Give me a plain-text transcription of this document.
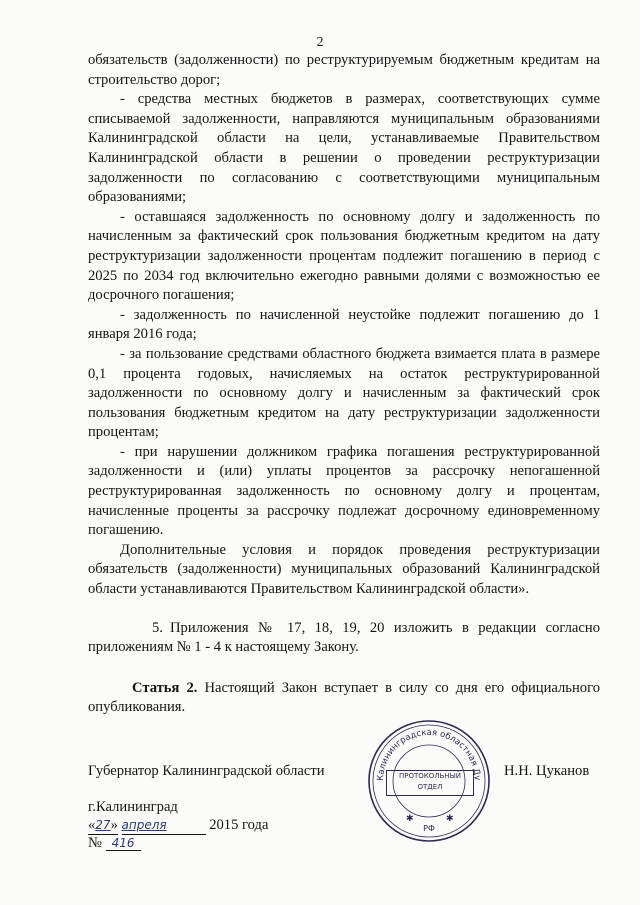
2

обязательств (задолженности) по реструктурируемым бюджетным кредитам на строительство дорог;

- средства местных бюджетов в размерах, соответствующих сумме списываемой задолженности, направляются муниципальным образованиями Калининградской области на цели, устанавливаемые Правительством Калининградской области в решении о проведении реструктуризации задолженности по согласованию с соответствующими муниципальным образованиями;

- оставшаяся задолженность по основному долгу и задолженность по начисленным за фактический срок пользования бюджетным кредитом на дату реструктуризации задолженности процентам подлежит погашению в период с 2025 по 2034 год включительно ежегодно равными долями с возможностью ее досрочного погашения;

- задолженность по начисленной неустойке подлежит погашению до 1 января 2016 года;

- за пользование средствами областного бюджета взимается плата в размере 0,1 процента годовых, начисляемых на остаток реструктурированной задолженности по основному долгу и начисленным за фактический срок пользования бюджетным кредитом на дату реструктуризации задолженности процентам;

- при нарушении должником графика погашения реструктурированной задолженности и (или) уплаты процентов за рассрочку непогашенной реструктурированная задолженность по основному долгу и процентам, начисленные проценты за рассрочку подлежат досрочному единовременному погашению.

Дополнительные условия и порядок проведения реструктуризации обязательств (задолженности) муниципальных образований Калининградской области устанавливаются Правительством Калининградской области».

5. Приложения № 17, 18, 19, 20 изложить в редакции согласно приложениям № 1 - 4 к настоящему Закону.

Статья 2. Настоящий Закон вступает в силу со дня его официального опубликования.

Калининградская областная Ду
РФ
✱	✱
ПРОТОКОЛЬНЫЙ ОТДЕЛ
Губернатор Калининградской области	Н.Н. Цуканов
г.Калининград
«27» апреля	2015 года
№ 416
